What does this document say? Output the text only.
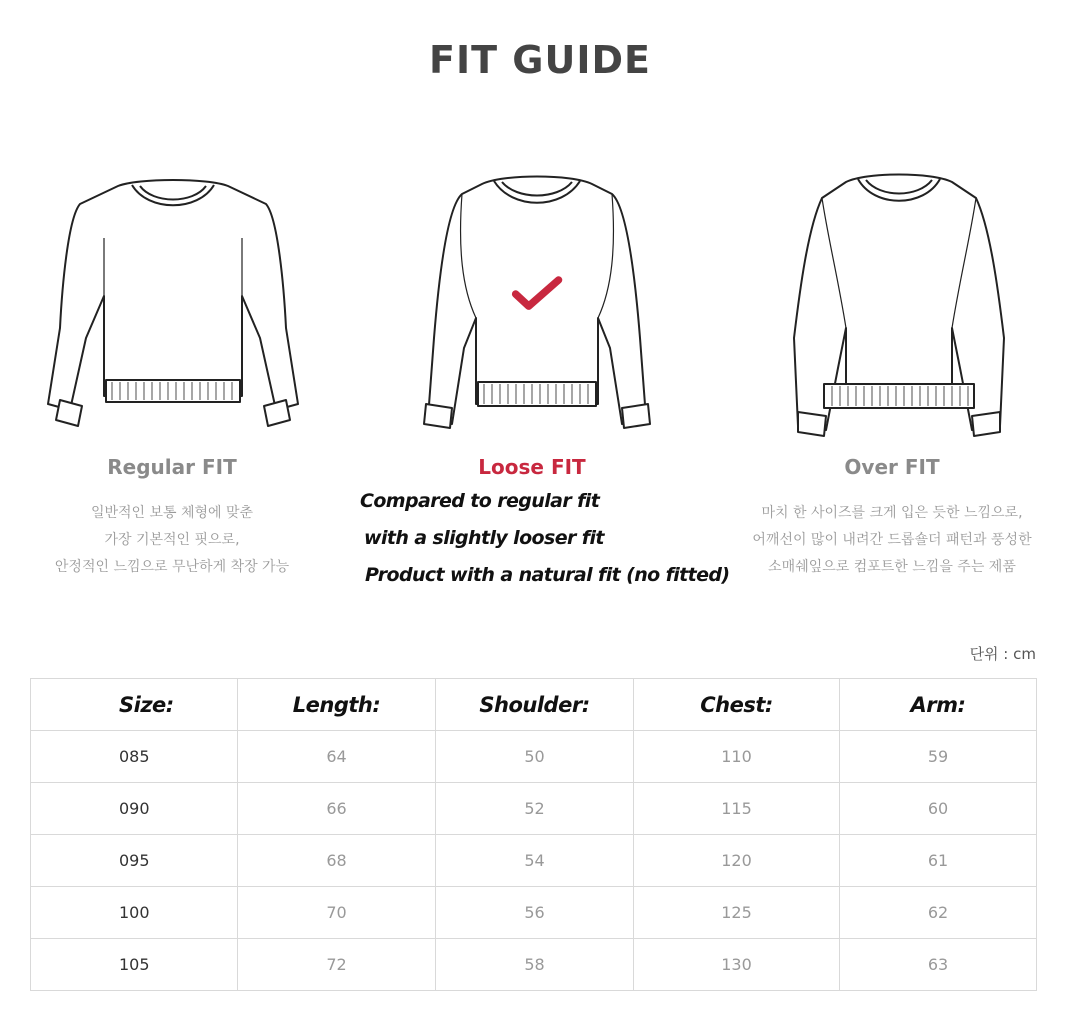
FIT GUIDE
Regular FIT	Loose FIT	Over FIT
일반적인 보통 체형에 맞춘
가장 기본적인 핏으로,
안정적인 느낌으로 무난하게 착장 가능
Compared to regular fit
with a slightly looser fit
Product with a natural fit (no fitted)
마치 한 사이즈를 크게 입은 듯한 느낌으로,
어깨선이 많이 내려간 드롭숄더 패턴과 풍성한
소매쉐잎으로 컴포트한 느낌을 주는 제품
단위 : cm
Size:	Length:	Shoulder:	Chest:	Arm:
085	64	50	110	59
090	66	52	115	60
095	68	54	120	61
100	70	56	125	62
105	72	58	130	63
